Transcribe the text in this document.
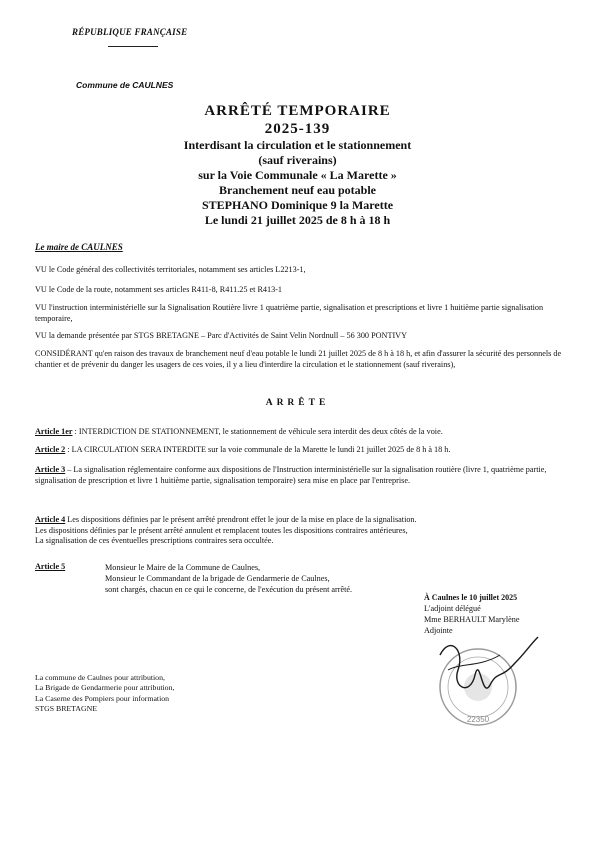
RÉPUBLIQUE FRANÇAISE
Commune de CAULNES
ARRÊTÉ TEMPORAIRE
2025-139
Interdisant la circulation et le stationnement
(sauf riverains)
sur la Voie Communale « La Marette »
Branchement neuf eau potable
STEPHANO Dominique 9 la Marette
Le lundi 21 juillet 2025 de 8 h à 18 h
Le maire de CAULNES
VU le Code général des collectivités territoriales, notamment ses articles L2213-1,
VU le Code de la route, notamment ses articles R411-8, R411.25 et R413-1
VU l'instruction interministérielle sur la Signalisation Routière livre 1 quatrième partie, signalisation et prescriptions et livre 1 huitième partie signalisation temporaire,
VU la demande présentée par STGS BRETAGNE – Parc d'Activités de Saint Velin Nordnull – 56 300 PONTIVY
CONSIDÉRANT qu'en raison des travaux de branchement neuf d'eau potable le lundi 21 juillet 2025 de 8 h à 18 h, et afin d'assurer la sécurité des personnels de chantier et de prévenir du danger les usagers de ces voies, il y a lieu d'interdire la circulation et le stationnement (sauf riverains),
ARRÊTE
Article 1er : INTERDICTION DE STATIONNEMENT, le stationnement de véhicule sera interdit des deux côtés de la voie.
Article 2 : LA CIRCULATION SERA INTERDITE sur la voie communale de la Marette le lundi 21 juillet 2025 de 8 h à 18 h.
Article 3 – La signalisation réglementaire conforme aux dispositions de l'Instruction interministérielle sur la signalisation routière (livre 1, quatrième partie, signalisation de prescription et livre 1 huitième partie, signalisation temporaire) sera mise en place par l'entreprise.
Article 4 Les dispositions définies par le présent arrêté prendront effet le jour de la mise en place de la signalisation.
Les dispositions définies par le présent arrêté annulent et remplacent toutes les dispositions contraires antérieures,
La signalisation de ces éventuelles prescriptions contraires sera occultée.
Article 5	Monsieur le Maire de la Commune de Caulnes,
Monsieur le Commandant de la brigade de Gendarmerie de Caulnes,
sont chargés, chacun en ce qui le concerne, de l'exécution du présent arrêté.
À Caulnes le 10 juillet 2025
L'adjoint délégué
Mme BERHAULT Marylène
Adjointe
22350
La commune de Caulnes pour attribution,
La Brigade de Gendarmerie pour attribution,
La Caserne des Pompiers pour information
STGS BRETAGNE
